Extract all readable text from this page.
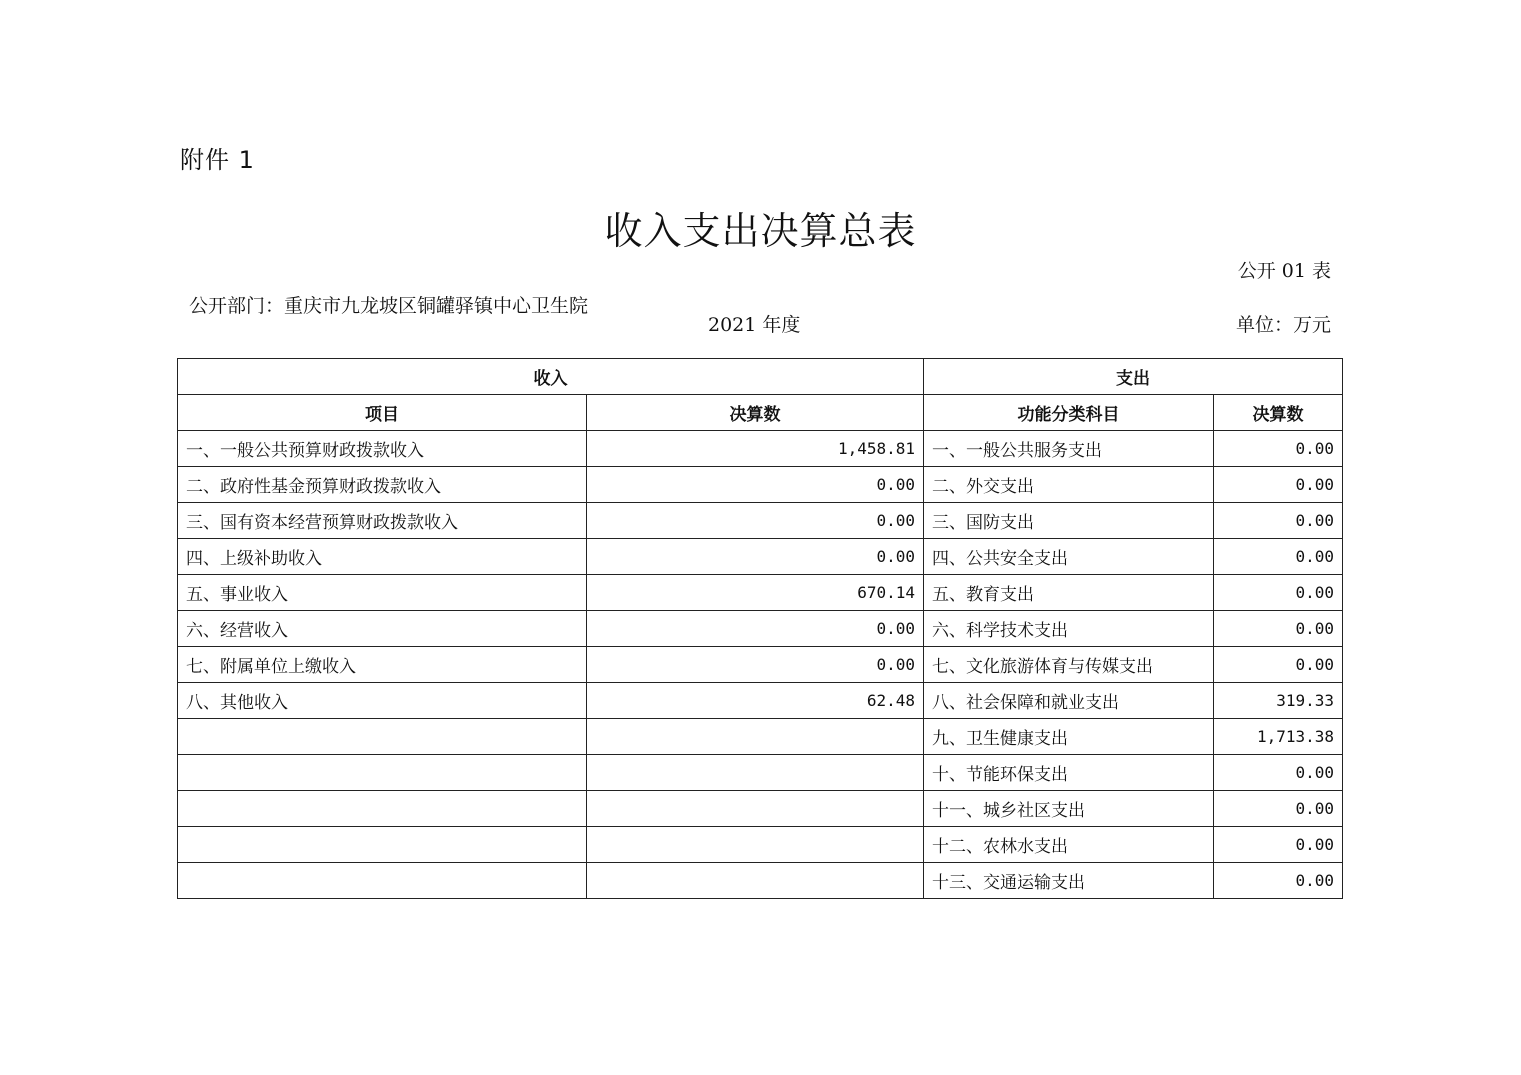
附件 1
收入支出决算总表
公开 01 表
公开部门：重庆市九龙坡区铜罐驿镇中心卫生院
2021 年度	单位：万元
收入		支出	
项目	决算数	功能分类科目	决算数
一、一般公共预算财政拨款收入	1,458.81	一、一般公共服务支出	0.00
二、政府性基金预算财政拨款收入	0.00	二、外交支出	0.00
三、国有资本经营预算财政拨款收入	0.00	三、国防支出	0.00
四、上级补助收入	0.00	四、公共安全支出	0.00
五、事业收入	670.14	五、教育支出	0.00
六、经营收入	0.00	六、科学技术支出	0.00
七、附属单位上缴收入	0.00	七、文化旅游体育与传媒支出	0.00
八、其他收入	62.48	八、社会保障和就业支出	319.33
		九、卫生健康支出	1,713.38
		十、节能环保支出	0.00
		十一、城乡社区支出	0.00
		十二、农林水支出	0.00
		十三、交通运输支出	0.00
